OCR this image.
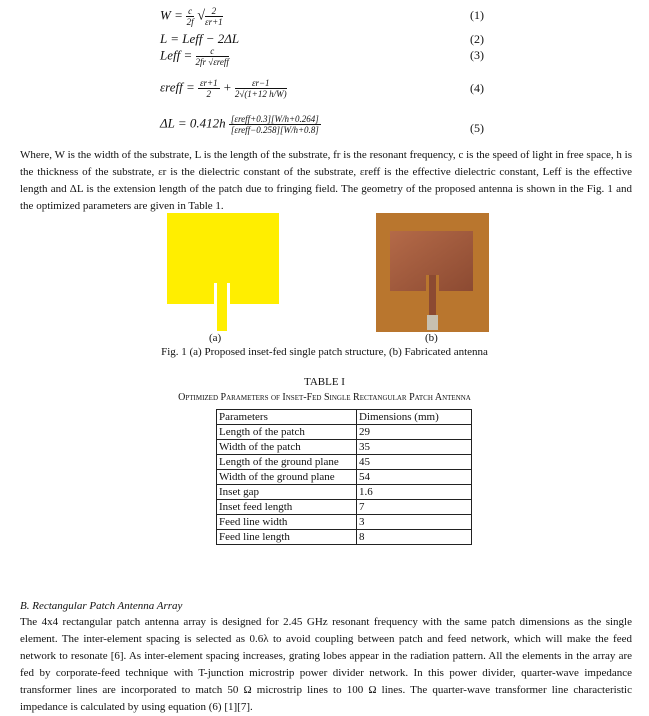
$W = \frac{c}{2f}$ √ $\frac{2}{\varepsilon r+1}$	(1)
L = Leff − 2ΔL	(2)
Leff = $\frac{c}{\text{2fr √εreff}}$	(3)
εreff = $\frac{\varepsilon r+1}{2} + \frac{\varepsilon r-1}{2√(1+12 h/W)}$	(4)
$\Delta L = 0.412h \frac{\text{[εreff+0.3][W/h+0.264]}}{\text{[εreff−0.258][W/h+0.8]}}$	(5)

Where, W is the width of the substrate, L is the length of the substrate, fr is the resonant frequency, c is the speed of light in free space, h is the thickness of the substrate, εr is the dielectric constant of the substrate, εreff is the effective dielectric constant, Leff is the effective length and ΔL is the extension length of the patch due to fringing field. The geometry of the proposed antenna is shown in the Fig. 1 and the optimized parameters are given in Table 1.

(a)	(b)
Fig. 1 (a) Proposed inset-fed single patch structure, (b) Fabricated antenna
TABLE I
Optimized Parameters of Inset-Fed Single Rectangular Patch Antenna
Parameters	Dimensions (mm)
Length of the patch	29
Width of the patch	35
Length of the ground plane	45
Width of the ground plane	54
Inset gap	1.6
Inset feed length	7
Feed line width	3
Feed line length	8
B. Rectangular Patch Antenna Array

The 4x4 rectangular patch antenna array is designed for 2.45 GHz resonant frequency with the same patch dimensions as the single element. The inter-element spacing is selected as 0.6λ to avoid coupling between patch and feed network, which will make the feed network to resonate [6]. As inter-element spacing increases, grating lobes appear in the radiation pattern. All the elements in the array are fed by corporate-feed technique with T-junction microstrip power divider network. In this power divider, quarter-wave impedance transformer lines are incorporated to match 50 Ω microstrip lines to 100 Ω lines. The quarter-wave transformer line characteristic impedance is calculated by using equation (6) [1][7].
